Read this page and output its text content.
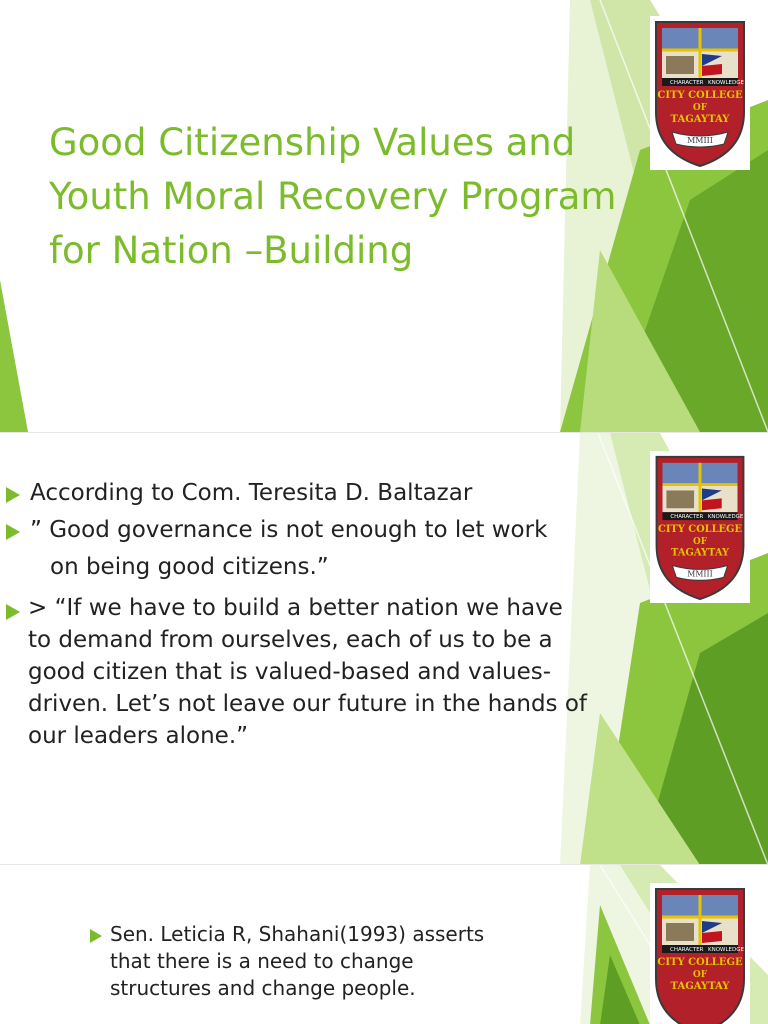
CHARACTER KNOWLEDGE
CITY COLLEGE
OF
TAGAYTAY
MMIII
Good Citizenship Values and
Youth Moral Recovery Program
for Nation –Building
CHARACTER KNOWLEDGE
CITY COLLEGE
OF
TAGAYTAY
MMIII
According to Com. Teresita D. Baltazar
” Good governance is not enough to let work
on being good citizens.”
> “If we have to build a better nation we have
to demand from ourselves, each of us to be a
good citizen that is valued-based and values-
driven. Let’s not leave our future in the hands of
our leaders alone.”
CHARACTER KNOWLEDGE
CITY COLLEGE
OF
TAGAYTAY
Sen. Leticia R, Shahani(1993) asserts
that there is a need to change
structures and change people.
